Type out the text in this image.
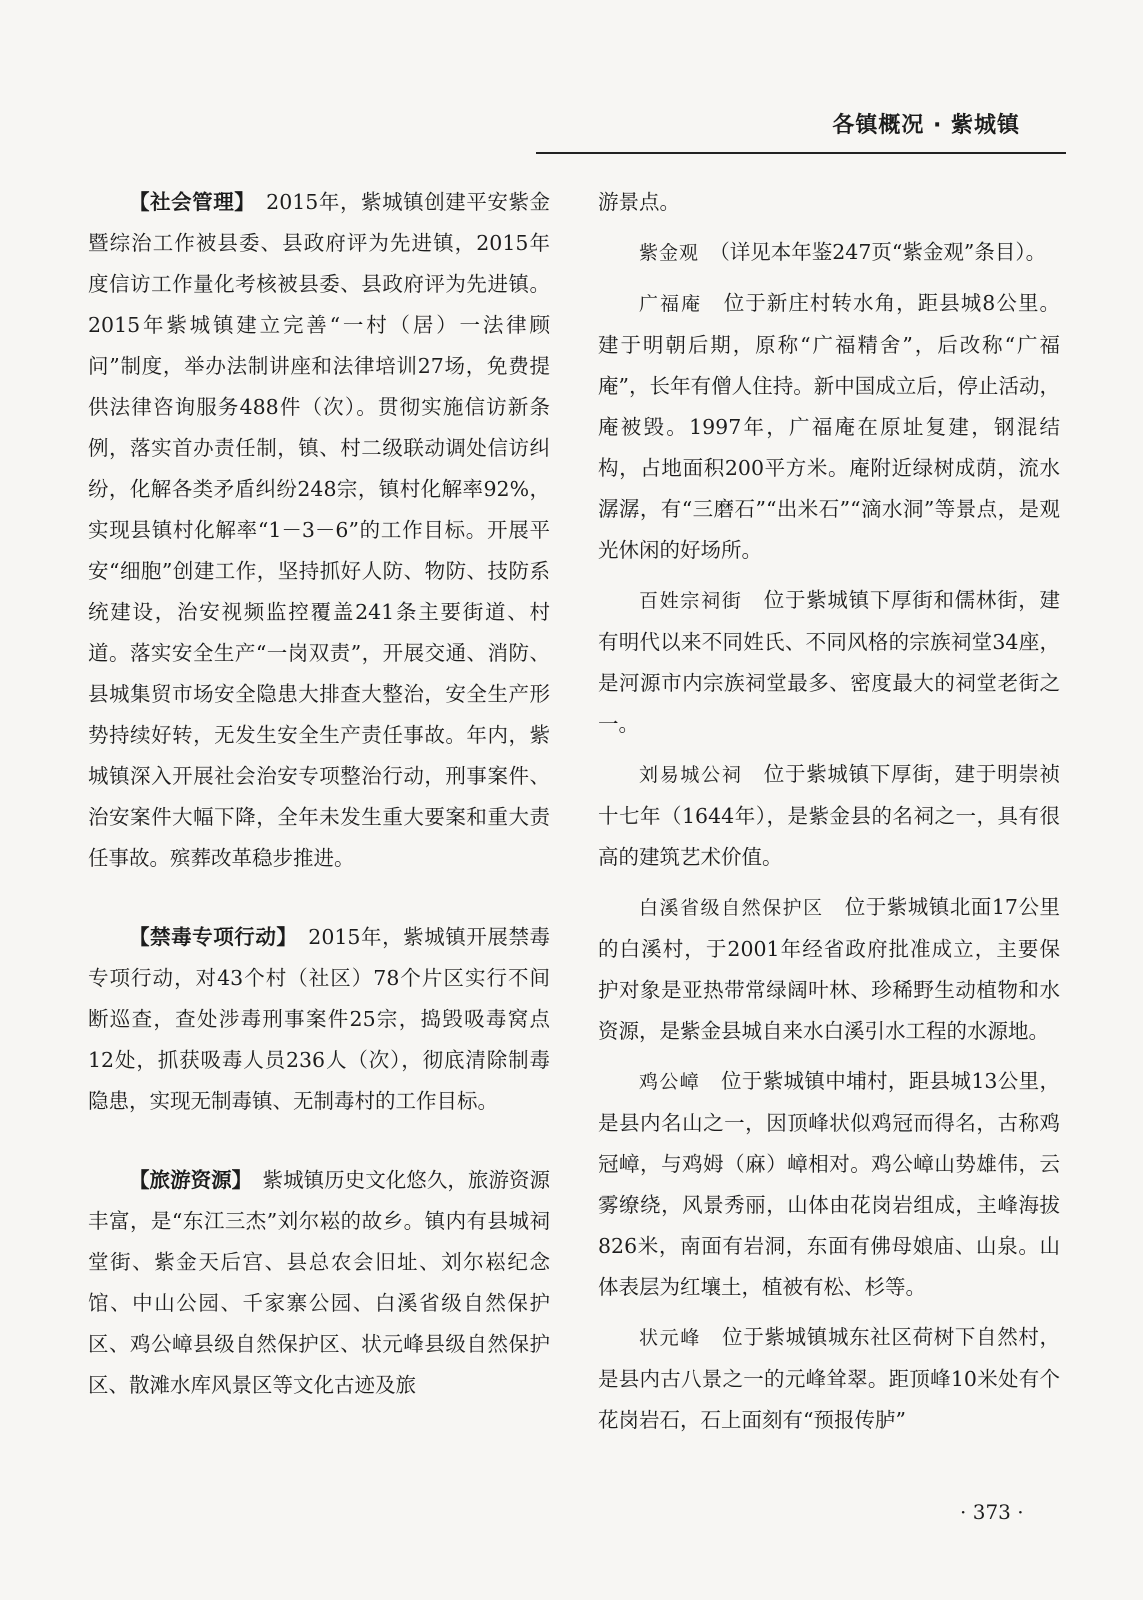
各镇概况 · 紫城镇

【社会管理】　 2015年，紫城镇创建平安紫金暨综治工作被县委、县政府评为先进镇，2015年度信访工作量化考核被县委、县政府评为先进镇。2015年紫城镇建立完善“一村（居）一法律顾问”制度，举办法制讲座和法律培训27场，免费提供法律咨询服务488件（次）。贯彻实施信访新条例，落实首办责任制，镇、村二级联动调处信访纠纷，化解各类矛盾纠纷248宗，镇村化解率92%，实现县镇村化解率“1－3－6”的工作目标。开展平安“细胞”创建工作，坚持抓好人防、物防、技防系统建设，治安视频监控覆盖241条主要街道、村道。落实安全生产“一岗双责”，开展交通、消防、县城集贸市场安全隐患大排查大整治，安全生产形势持续好转，无发生安全生产责任事故。年内，紫城镇深入开展社会治安专项整治行动，刑事案件、治安案件大幅下降，全年未发生重大要案和重大责任事故。殡葬改革稳步推进。

【禁毒专项行动】　 2015年，紫城镇开展禁毒专项行动，对43个村（社区）78个片区实行不间断巡查，查处涉毒刑事案件25宗，捣毁吸毒窝点12处，抓获吸毒人员236人（次），彻底清除制毒隐患，实现无制毒镇、无制毒村的工作目标。

【旅游资源】　 紫城镇历史文化悠久，旅游资源丰富，是“东江三杰”刘尔崧的故乡。镇内有县城祠堂街、紫金天后宫、县总农会旧址、刘尔崧纪念馆、中山公园、千家寨公园、白溪省级自然保护区、鸡公嶂县级自然保护区、状元峰县级自然保护区、散滩水库风景区等文化古迹及旅

游景点。

紫金观　 （详见本年鉴247页“紫金观”条目）。

广福庵　 位于新庄村转水角，距县城8公里。建于明朝后期，原称“广福精舍”，后改称“广福庵”，长年有僧人住持。新中国成立后，停止活动，庵被毁。1997年，广福庵在原址复建，钢混结构，占地面积200平方米。庵附近绿树成荫，流水潺潺，有“三磨石”“出米石”“滴水洞”等景点，是观光休闲的好场所。

百姓宗祠街　 位于紫城镇下厚街和儒林街，建有明代以来不同姓氏、不同风格的宗族祠堂34座，是河源市内宗族祠堂最多、密度最大的祠堂老街之一。

刘易城公祠　 位于紫城镇下厚街，建于明崇祯十七年（1644年），是紫金县的名祠之一，具有很高的建筑艺术价值。

白溪省级自然保护区　 位于紫城镇北面17公里的白溪村，于2001年经省政府批准成立，主要保护对象是亚热带常绿阔叶林、珍稀野生动植物和水资源，是紫金县城自来水白溪引水工程的水源地。

鸡公嶂　 位于紫城镇中埔村，距县城13公里，是县内名山之一，因顶峰状似鸡冠而得名，古称鸡冠嶂，与鸡姆（麻）嶂相对。鸡公嶂山势雄伟，云雾缭绕，风景秀丽，山体由花岗岩组成，主峰海拔826米，南面有岩洞，东面有佛母娘庙、山泉。山体表层为红壤土，植被有松、杉等。

状元峰　 位于紫城镇城东社区荷树下自然村，是县内古八景之一的元峰耸翠。距顶峰10米处有个花岗岩石，石上面刻有“预报传胪”

· 373 ·
